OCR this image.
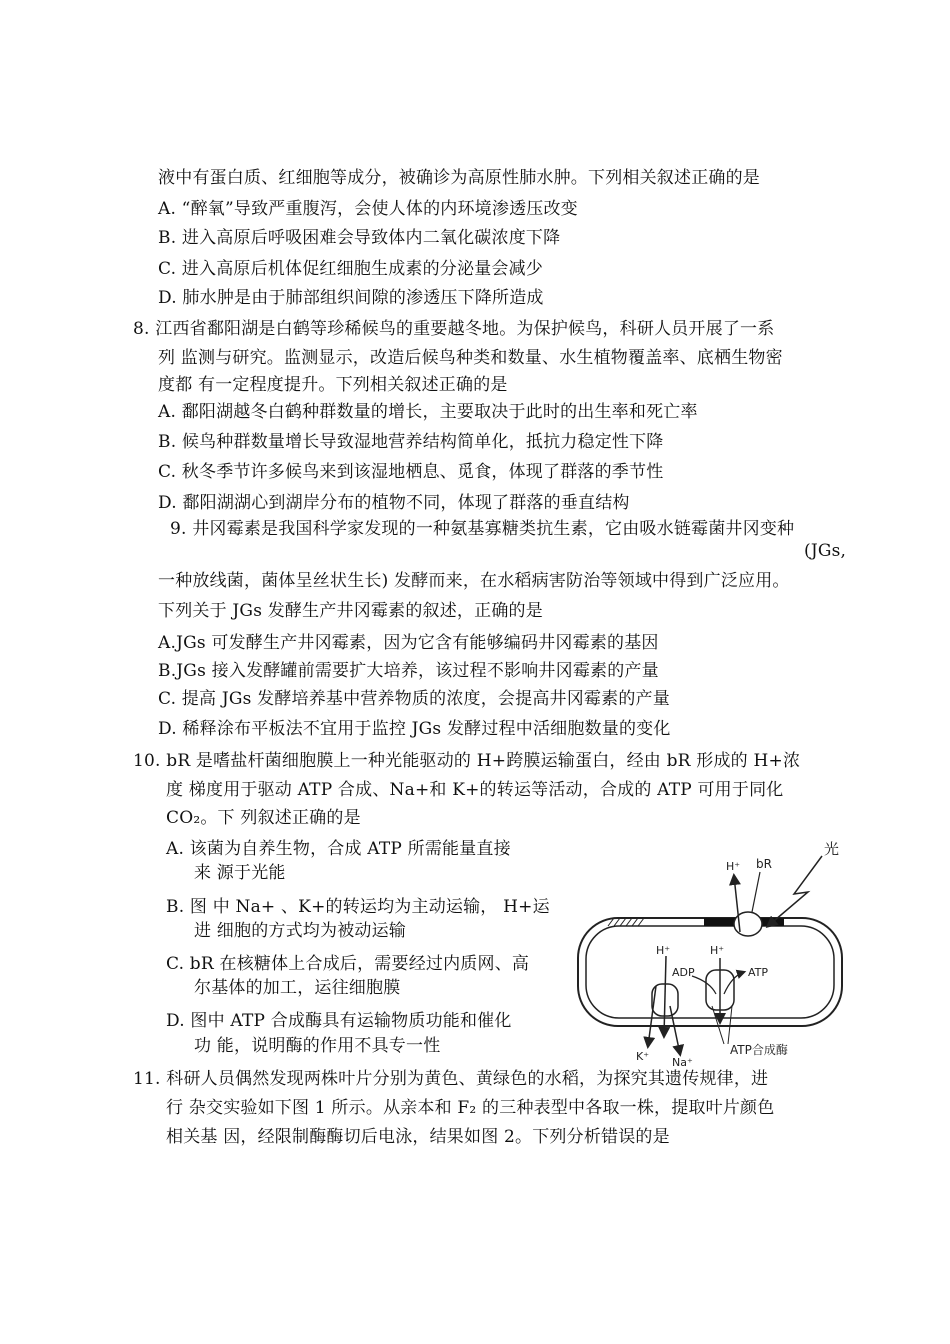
液中有蛋白质、红细胞等成分，被确诊为高原性肺水肿。下列相关叙述正确的是
A. “醉氧”导致严重腹泻，会使人体的内环境渗透压改变
B. 进入高原后呼吸困难会导致体内二氧化碳浓度下降
C. 进入高原后机体促红细胞生成素的分泌量会减少
D. 肺水肿是由于肺部组织间隙的渗透压下降所造成
8. 江西省鄱阳湖是白鹤等珍稀候鸟的重要越冬地。为保护候鸟，科研人员开展了一系
列 监测与研究。监测显示，改造后候鸟种类和数量、水生植物覆盖率、底栖生物密
度都 有一定程度提升。下列相关叙述正确的是
A. 鄱阳湖越冬白鹤种群数量的增长，主要取决于此时的出生率和死亡率
B. 候鸟种群数量增长导致湿地营养结构简单化，抵抗力稳定性下降
C. 秋冬季节许多候鸟来到该湿地栖息、觅食，体现了群落的季节性
D. 鄱阳湖湖心到湖岸分布的植物不同，体现了群落的垂直结构
9. 井冈霉素是我国科学家发现的一种氨基寡糖类抗生素，它由吸水链霉菌井冈变种
(JGs,
一种放线菌，菌体呈丝状生长) 发酵而来，在水稻病害防治等领域中得到广泛应用。
下列关于 JGs 发酵生产井冈霉素的叙述，正确的是
A.JGs 可发酵生产井冈霉素，因为它含有能够编码井冈霉素的基因
B.JGs 接入发酵罐前需要扩大培养，该过程不影响井冈霉素的产量
C. 提高 JGs 发酵培养基中营养物质的浓度，会提高井冈霉素的产量
D. 稀释涂布平板法不宜用于监控 JGs 发酵过程中活细胞数量的变化
10. bR 是嗜盐杆菌细胞膜上一种光能驱动的 H+跨膜运输蛋白，经由 bR 形成的 H+浓
度 梯度用于驱动 ATP 合成、Na+和 K+的转运等活动，合成的 ATP 可用于同化
CO₂。下 列叙述正确的是
A. 该菌为自养生物，合成 ATP 所需能量直接
来 源于光能
B. 图 中 Na+ 、K+的转运均为主动运输， H+运
进 细胞的方式均为被动运输
C. bR 在核糖体上合成后，需要经过内质网、高
尔基体的加工，运往细胞膜
D. 图中 ATP 合成酶具有运输物质功能和催化
功 能，说明酶的作用不具专一性
11. 科研人员偶然发现两株叶片分别为黄色、黄绿色的水稻，为探究其遗传规律，进
行 杂交实验如下图 1 所示。从亲本和 F₂ 的三种表型中各取一株，提取叶片颜色
相关基 因，经限制酶酶切后电泳，结果如图 2。下列分析错误的是
光
bR
H⁺
H⁺	H⁺
ADP	ATP
K⁺ Na⁺
ATP合成酶
